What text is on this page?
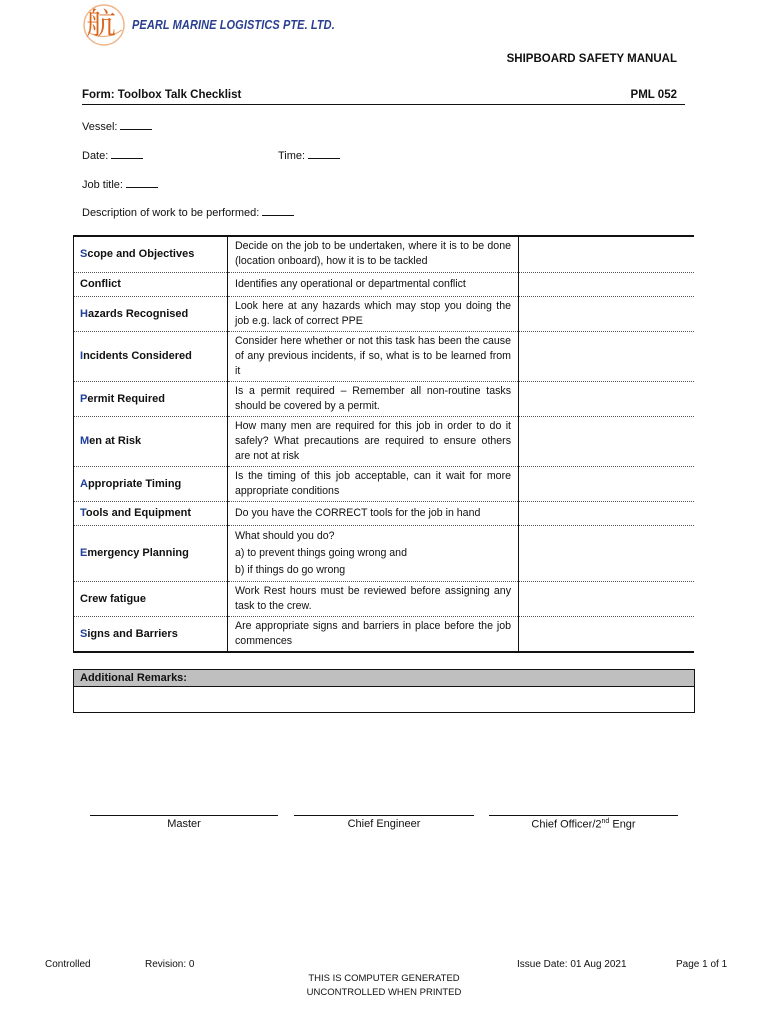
航 PEARL MARINE LOGISTICS PTE. LTD.
SHIPBOARD SAFETY MANUAL
Form: Toolbox Talk Checklist	PML 052
Vessel:
Date:	Time:
Job title:
Description of work to be performed:
Scope and Objectives	Decide on the job to be undertaken, where it is to be done (location onboard), how it is to be tackled	
Conflict	Identifies any operational or departmental conflict	
Hazards Recognised	Look here at any hazards which may stop you doing the job e.g. lack of correct PPE	
Incidents Considered	Consider here whether or not this task has been the cause of any previous incidents, if so, what is to be learned from it	
Permit Required	Is a permit required – Remember all non-routine tasks should be covered by a permit.	
Men at Risk	How many men are required for this job in order to do it safely? What precautions are required to ensure others are not at risk	
Appropriate Timing	Is the timing of this job acceptable, can it wait for more appropriate conditions	
Tools and Equipment	Do you have the CORRECT tools for the job in hand	
Emergency Planning	What should you do?
a) to prevent things going wrong and
b) if things do go wrong	

Crew fatigue	Work Rest hours must be reviewed before assigning any task to the crew.	
Signs and Barriers	Are appropriate signs and barriers in place before the job commences	
Additional Remarks:
Master	Chief Engineer	Chief Officer/2nd Engr
Controlled	Revision: 0	Issue Date: 01 Aug 2021	Page 1 of 1
THIS IS COMPUTER GENERATED
UNCONTROLLED WHEN PRINTED
